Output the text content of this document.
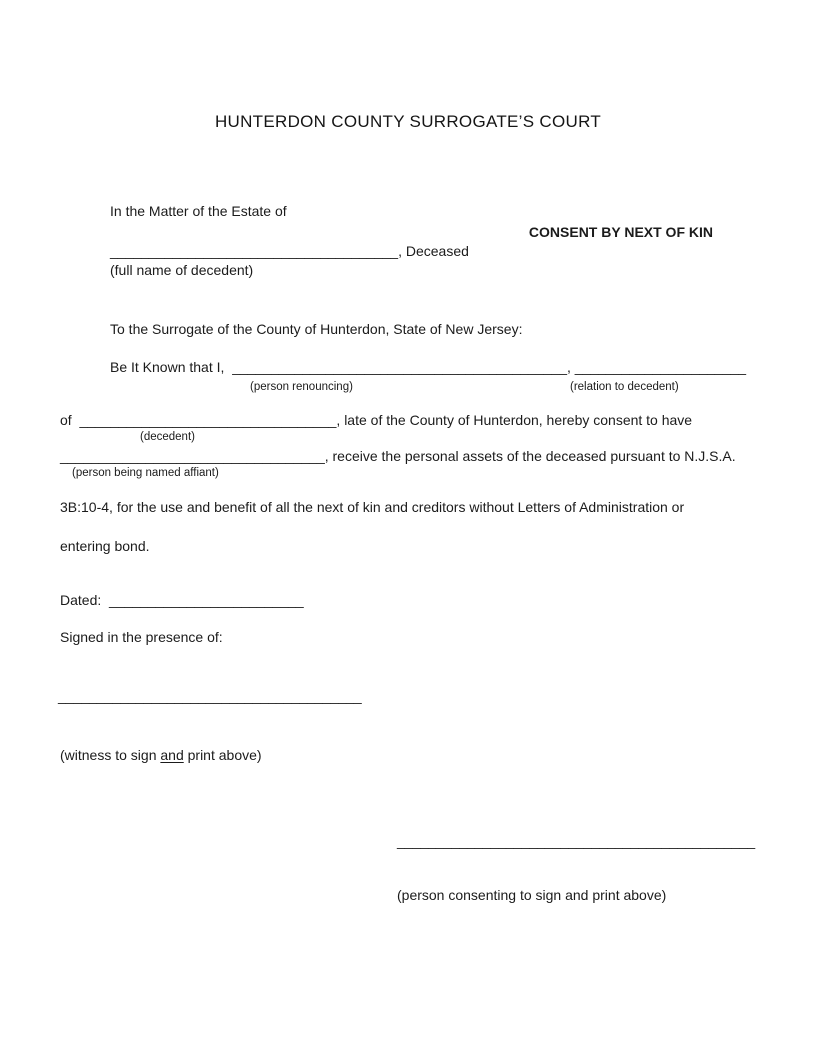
HUNTERDON COUNTY SURROGATE’S COURT
In the Matter of the Estate of
CONSENT BY NEXT OF KIN
_____________________________________, Deceased
(full name of decedent)
To the Surrogate of the County of Hunterdon, State of New Jersey:
Be It Known that I,  ___________________________________________, ______________________
(person renouncing)	(relation to decedent)
of  _________________________________, late of the County of Hunterdon, hereby consent to have
(decedent)
__________________________________, receive the personal assets of the deceased pursuant to N.J.S.A.
(person being named affiant)
3B:10-4, for the use and benefit of all the next of kin and creditors without Letters of Administration or
entering bond.
Dated:  _________________________
Signed in the presence of:
_______________________________________
(witness to sign and print above)
______________________________________________
(person consenting to sign and print above)
